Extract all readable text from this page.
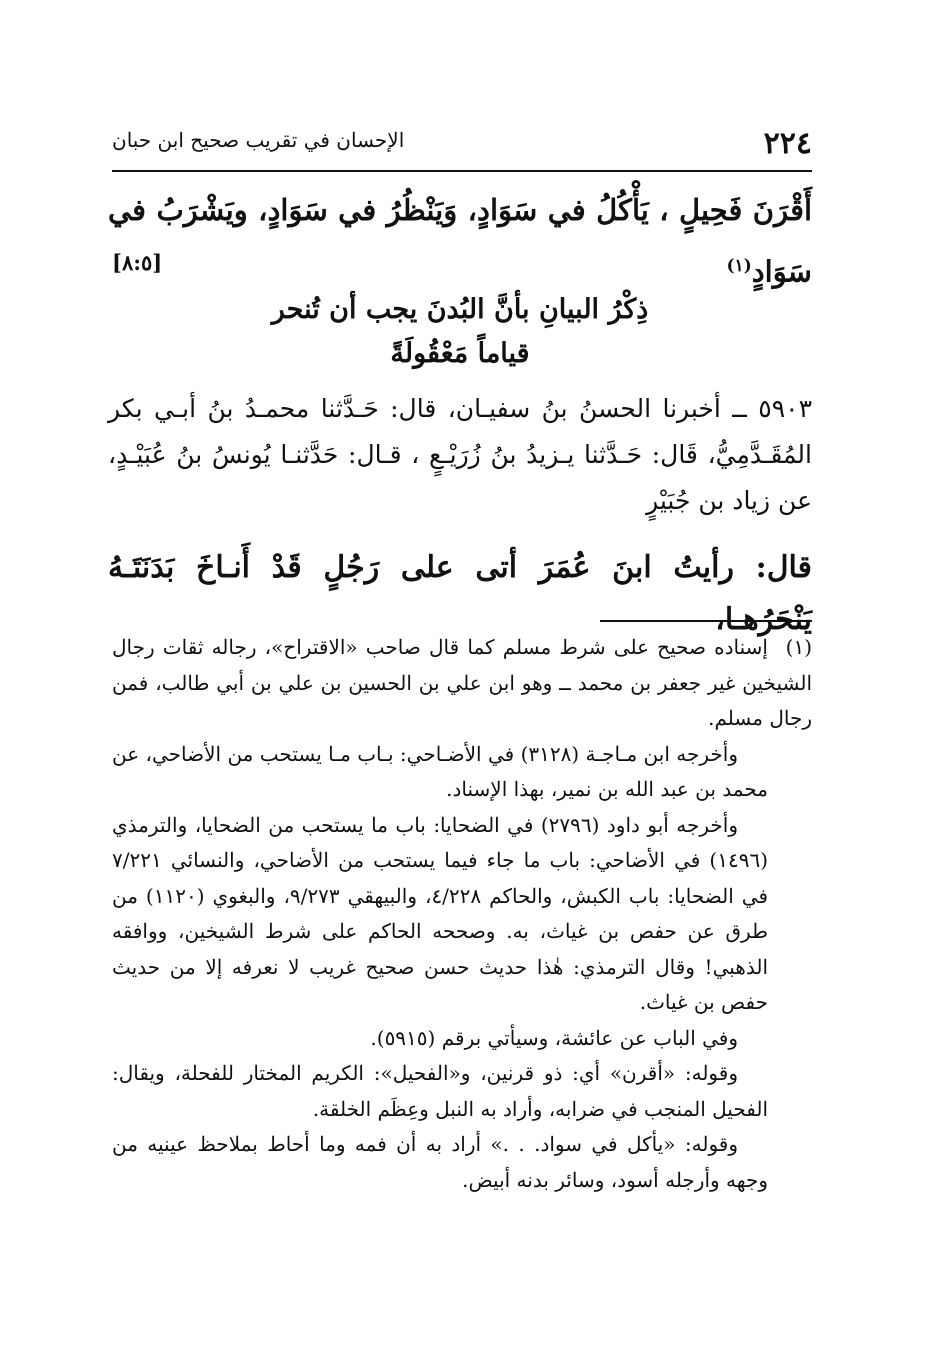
٢٢٤
الإحسان في تقريب صحيح ابن حبان
أَقْرَنَ فَحِيلٍ ، يَأْكُلُ في سَوَادٍ، وَيَنْظُرُ في سَوَادٍ، ويَشْرَبُ في سَوَادٍ$^{(١)}$
[٨:٥]
ذِكْرُ البيانِ بأنَّ البُدنَ يجب أن تُنحر
قياماً مَعْقُولَةً
٥٩٠٣ ــ أخبرنا الحسنُ بنُ سفيـان، قال: حَـدَّثنا محمـدُ بنُ أبـي بكر المُقَـدَّمِيُّ، قَال: حَـدَّثنا يـزيدُ بنُ زُرَيْـعٍ ، قـال: حَدَّثنـا يُونسُ بنُ عُبَيْـدٍ، عن زياد بن جُبَيْرٍ
قال: رأيتُ ابنَ عُمَرَ أتى على رَجُلٍ قَدْ أَنـاخَ بَدَنَتَـهُ يَنْحَرُهـا،

(١)إسناده صحيح على شرط مسلم كما قال صاحب «الاقتراح»، رجاله ثقات رجال الشيخين غير جعفر بن محمد ــ وهو ابن علي بن الحسين بن علي بن أبي طالب، فمن رجال مسلم.

وأخرجه ابن مـاجـة (٣١٢٨) في الأضـاحي: بـاب مـا يستحب من الأضاحي، عن محمد بن عبد الله بن نمير، بهذا الإسناد.

وأخرجه أبو داود (٢٧٩٦) في الضحايا: باب ما يستحب من الضحايا، والترمذي (١٤٩٦) في الأضاحي: باب ما جاء فيما يستحب من الأضاحي، والنسائي ٧/٢٢١ في الضحايا: باب الكبش، والحاكم ٤/٢٢٨، والبيهقي ٩/٢٧٣، والبغوي (١١٢٠) من طرق عن حفص بن غياث، به. وصححه الحاكم على شرط الشيخين، ووافقه الذهبي! وقال الترمذي: هٰذا حديث حسن صحيح غريب لا نعرفه إلا من حديث حفص بن غياث.

وفي الباب عن عائشة، وسيأتي برقم (٥٩١٥).

وقوله: «أقرن» أي: ذو قرنين، و«الفحيل»: الكريم المختار للفحلة، ويقال: الفحيل المنجب في ضرابه، وأراد به النبل وعِظَم الخلقة.

وقوله: «يأكل في سواد. . .» أراد به أن فمه وما أحاط بملاحظ عينيه من وجهه وأرجله أسود، وسائر بدنه أبيض.
